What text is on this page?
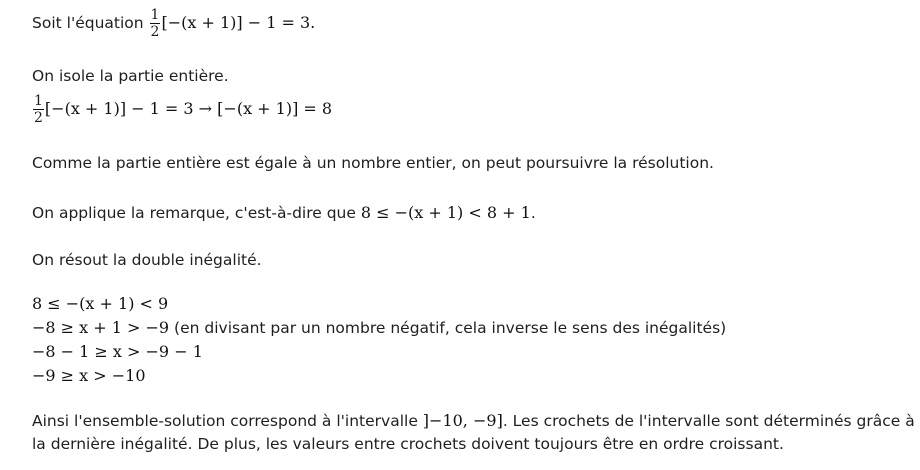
Soit l'équation $\frac{1}{2} [-(x + 1)] - 1 = 3$.
On isole la partie entière.
$\frac{1}{2} [-(x + 1)] - 1 = 3 \to [-(x + 1)] = 8$
Comme la partie entière est égale à un nombre entier, on peut poursuivre la résolution.
On applique la remarque, c'est-à-dire que 8 ≤ −(x + 1) < 8 + 1.
On résout la double inégalité.
8 ≤ −(x + 1) < 9
−8 ≥ x + 1 > −9 (en divisant par un nombre négatif, cela inverse le sens des inégalités)
−8 − 1 ≥ x > −9 − 1
−9 ≥ x > −10
Ainsi l'ensemble-solution correspond à l'intervalle ]−10, −9]. Les crochets de l'intervalle sont déterminés grâce à
la dernière inégalité. De plus, les valeurs entre crochets doivent toujours être en ordre croissant.
